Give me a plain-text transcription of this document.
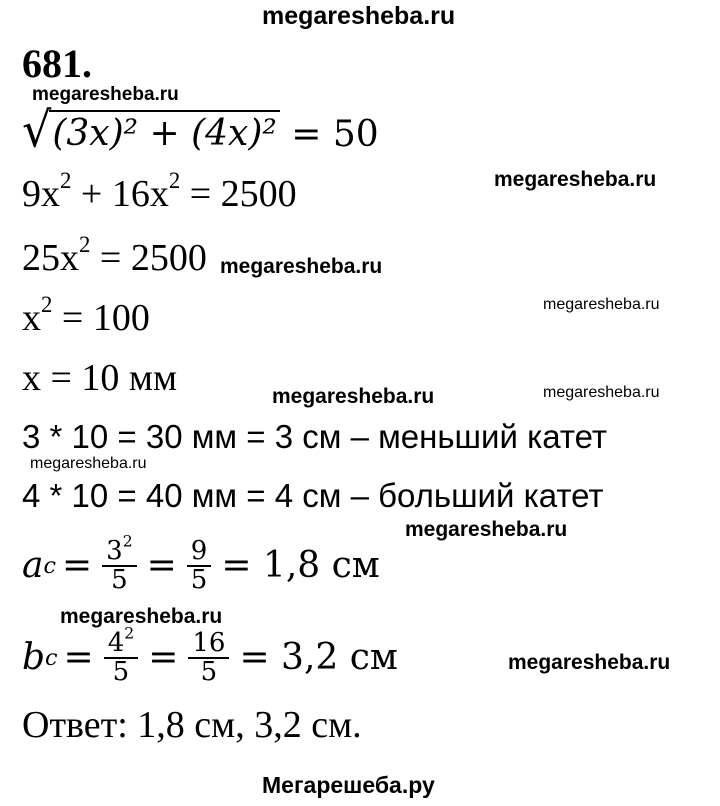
megaresheba.ru
megaresheba.ru
megaresheba.ru
megaresheba.ru
megaresheba.ru
megaresheba.ru	megaresheba.ru
megaresheba.ru
megaresheba.ru
megaresheba.ru
megaresheba.ru
Мегарешеба.ру
681.
√ (3x)² + (4x)² = 50
$9x^2 + 16x^2 = 2500$
$25x^2 = 2500$
$x^2 = 100$
x = 10 мм
3 * 10 = 30 мм = 3 см – меньший катет
4 * 10 = 40 мм = 4 см – больший катет
a $c = \frac{3^2}{5} = \frac{9}{5} = 1,8$ см
b $c = \frac{4^2}{5} = \frac{16}{5} = 3,2$ см
Ответ: 1,8 см, 3,2 см.
